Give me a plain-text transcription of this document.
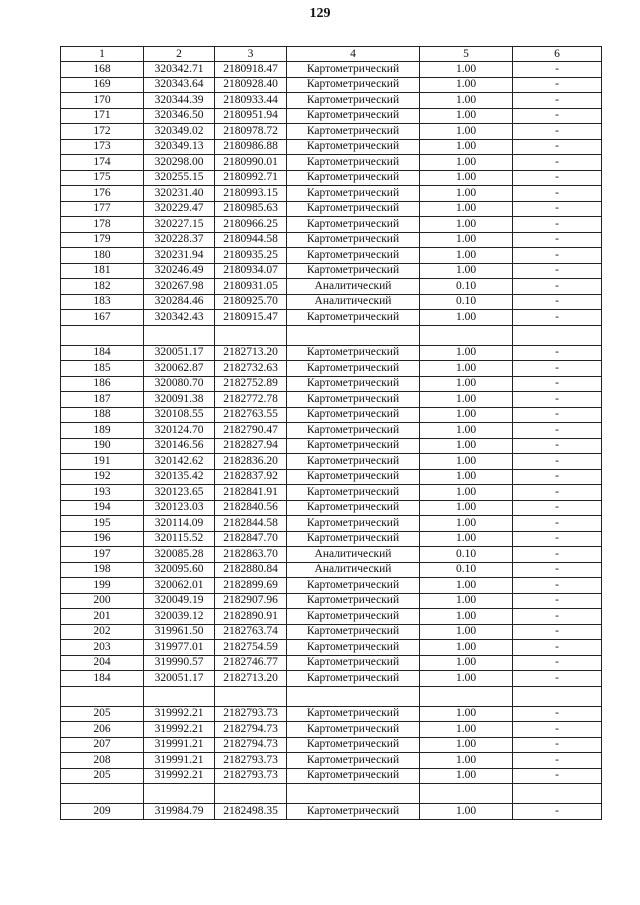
129
1	2	3	4	5	6
168	320342.71	2180918.47	Картометрический	1.00	-
169	320343.64	2180928.40	Картометрический	1.00	-
170	320344.39	2180933.44	Картометрический	1.00	-
171	320346.50	2180951.94	Картометрический	1.00	-
172	320349.02	2180978.72	Картометрический	1.00	-
173	320349.13	2180986.88	Картометрический	1.00	-
174	320298.00	2180990.01	Картометрический	1.00	-
175	320255.15	2180992.71	Картометрический	1.00	-
176	320231.40	2180993.15	Картометрический	1.00	-
177	320229.47	2180985.63	Картометрический	1.00	-
178	320227.15	2180966.25	Картометрический	1.00	-
179	320228.37	2180944.58	Картометрический	1.00	-
180	320231.94	2180935.25	Картометрический	1.00	-
181	320246.49	2180934.07	Картометрический	1.00	-
182	320267.98	2180931.05	Аналитический	0.10	-
183	320284.46	2180925.70	Аналитический	0.10	-
167	320342.43	2180915.47	Картометрический	1.00	-

184	320051.17	2182713.20	Картометрический	1.00	-
185	320062.87	2182732.63	Картометрический	1.00	-
186	320080.70	2182752.89	Картометрический	1.00	-
187	320091.38	2182772.78	Картометрический	1.00	-
188	320108.55	2182763.55	Картометрический	1.00	-
189	320124.70	2182790.47	Картометрический	1.00	-
190	320146.56	2182827.94	Картометрический	1.00	-
191	320142.62	2182836.20	Картометрический	1.00	-
192	320135.42	2182837.92	Картометрический	1.00	-
193	320123.65	2182841.91	Картометрический	1.00	-
194	320123.03	2182840.56	Картометрический	1.00	-
195	320114.09	2182844.58	Картометрический	1.00	-
196	320115.52	2182847.70	Картометрический	1.00	-
197	320085.28	2182863.70	Аналитический	0.10	-
198	320095.60	2182880.84	Аналитический	0.10	-
199	320062.01	2182899.69	Картометрический	1.00	-
200	320049.19	2182907.96	Картометрический	1.00	-
201	320039.12	2182890.91	Картометрический	1.00	-
202	319961.50	2182763.74	Картометрический	1.00	-
203	319977.01	2182754.59	Картометрический	1.00	-
204	319990.57	2182746.77	Картометрический	1.00	-
184	320051.17	2182713.20	Картометрический	1.00	-

205	319992.21	2182793.73	Картометрический	1.00	-
206	319992.21	2182794.73	Картометрический	1.00	-
207	319991.21	2182794.73	Картометрический	1.00	-
208	319991.21	2182793.73	Картометрический	1.00	-
205	319992.21	2182793.73	Картометрический	1.00	-

209	319984.79	2182498.35	Картометрический	1.00	-
